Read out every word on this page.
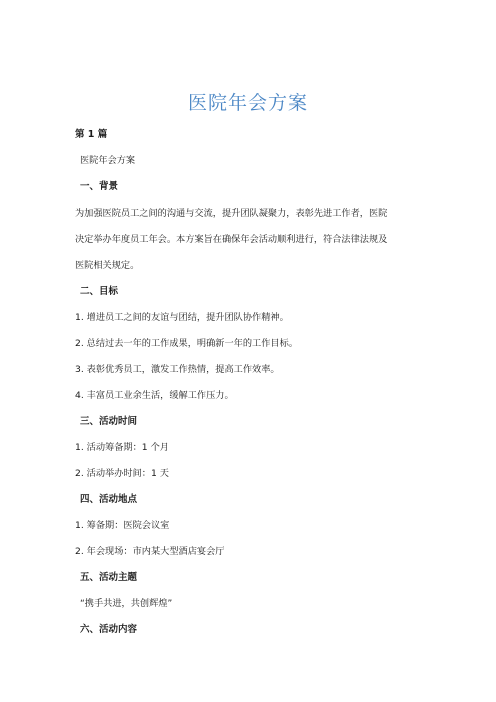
医院年会方案
第 1 篇
医院年会方案
一、背景
为加强医院员工之间的沟通与交流，提升团队凝聚力，表彰先进工作者，医院
决定举办年度员工年会。本方案旨在确保年会活动顺利进行，符合法律法规及
医院相关规定。
二、目标
1. 增进员工之间的友谊与团结，提升团队协作精神。
2. 总结过去一年的工作成果，明确新一年的工作目标。
3. 表彰优秀员工，激发工作热情，提高工作效率。
4. 丰富员工业余生活，缓解工作压力。
三、活动时间
1. 活动筹备期：1 个月
2. 活动举办时间：1 天
四、活动地点
1. 筹备期：医院会议室
2. 年会现场：市内某大型酒店宴会厅
五、活动主题
“携手共进，共创辉煌”
六、活动内容
